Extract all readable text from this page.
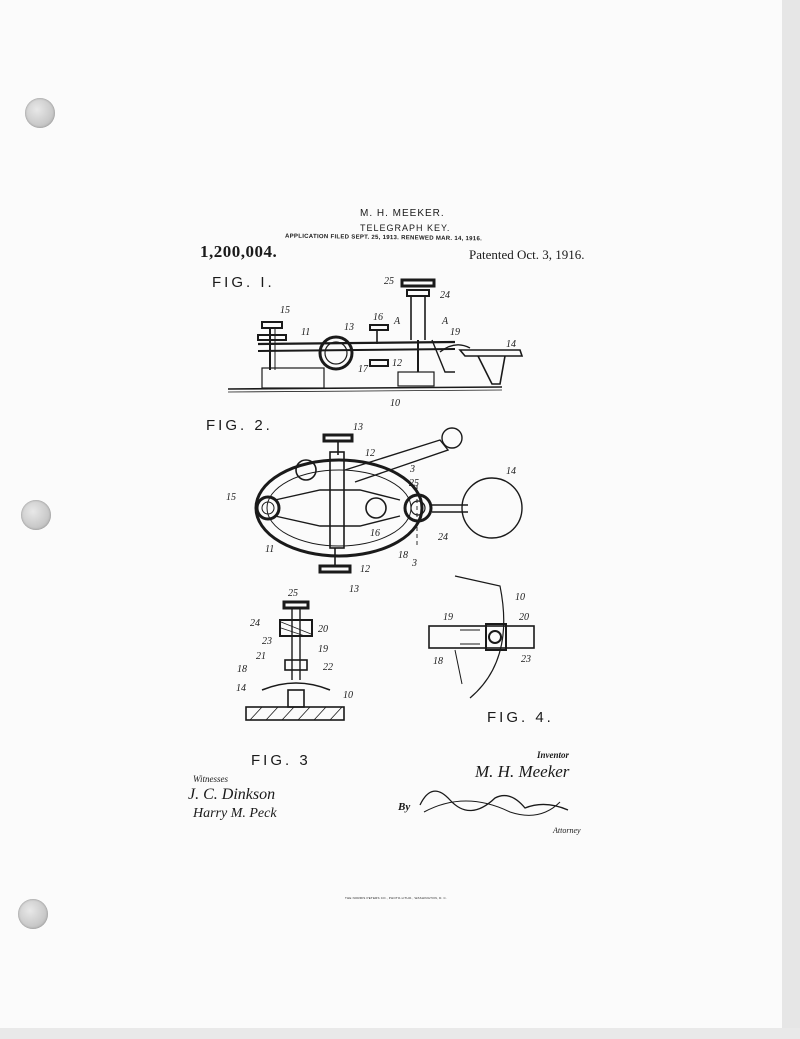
M. H. MEEKER.
TELEGRAPH KEY.
APPLICATION FILED SEPT. 25, 1913. RENEWED MAR. 14, 1916.
1,200,004.	Patented Oct. 3, 1916.
FIG. I.
FIG. 2.
FIG. 3
FIG. 4.
25
24
15
11	13
16 A	A
19
14
17
12
10
13
12
3	14
25
15
16
11
18
24
12
3
13
25
24
20
23
19
21
22
18
14
10
10
19	20
18	23
Inventor
M. H. Meeker
Witnesses
J. C. Dinkson
Harry M. Peck	By
Attorney
THE NORRIS PETERS CO., PHOTO-LITHO., WASHINGTON, D. C.
